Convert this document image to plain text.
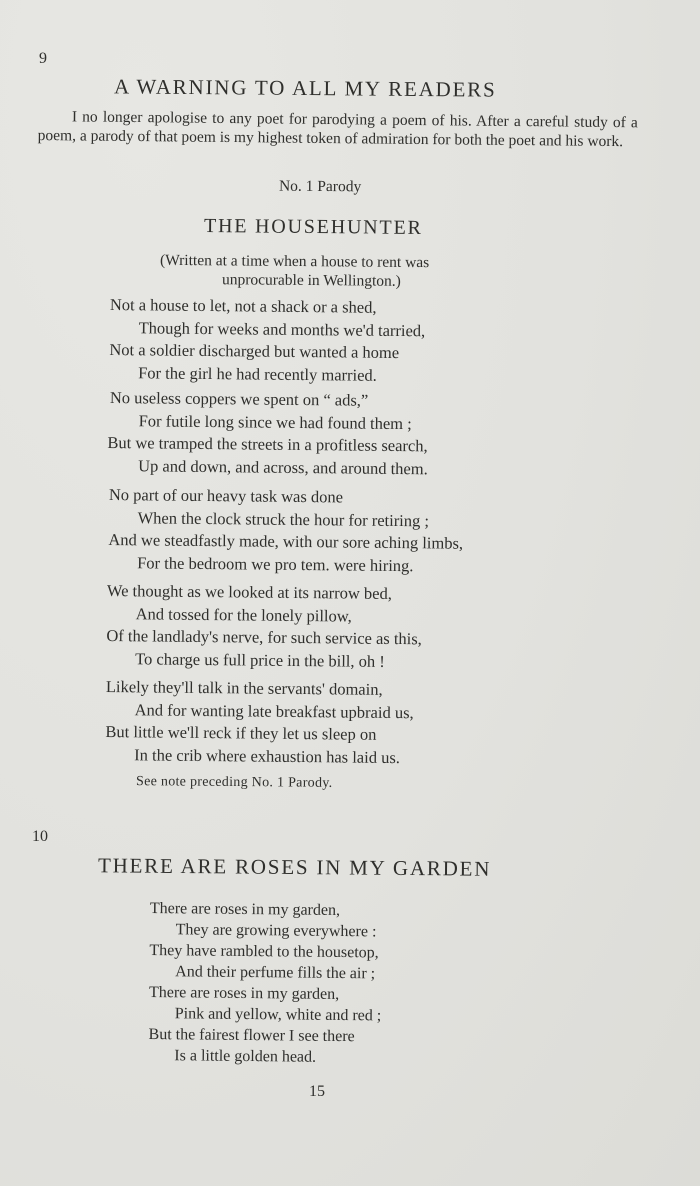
9
A WARNING TO ALL MY READERS
I no longer apologise to any poet for parodying a poem of his. After a careful study of a poem, a parody of that poem is my highest token of admiration for both the poet and his work.
No. 1 Parody
THE HOUSEHUNTER
(Written at a time when a house to rent was
unprocurable in Wellington.)
Not a house to let, not a shack or a shed,
Though for weeks and months we'd tarried,
Not a soldier discharged but wanted a home
For the girl he had recently married.
No useless coppers we spent on “ ads,”
For futile long since we had found them ;
But we tramped the streets in a profitless search,
Up and down, and across, and around them.
No part of our heavy task was done
When the clock struck the hour for retiring ;
And we steadfastly made, with our sore aching limbs,
For the bedroom we pro tem. were hiring.
We thought as we looked at its narrow bed,
And tossed for the lonely pillow,
Of the landlady's nerve, for such service as this,
To charge us full price in the bill, oh !
Likely they'll talk in the servants' domain,
And for wanting late breakfast upbraid us,
But little we'll reck if they let us sleep on
In the crib where exhaustion has laid us.
See note preceding No. 1 Parody.
10
THERE ARE ROSES IN MY GARDEN
There are roses in my garden,
They are growing everywhere :
They have rambled to the housetop,
And their perfume fills the air ;
There are roses in my garden,
Pink and yellow, white and red ;
But the fairest flower I see there
Is a little golden head.
15
